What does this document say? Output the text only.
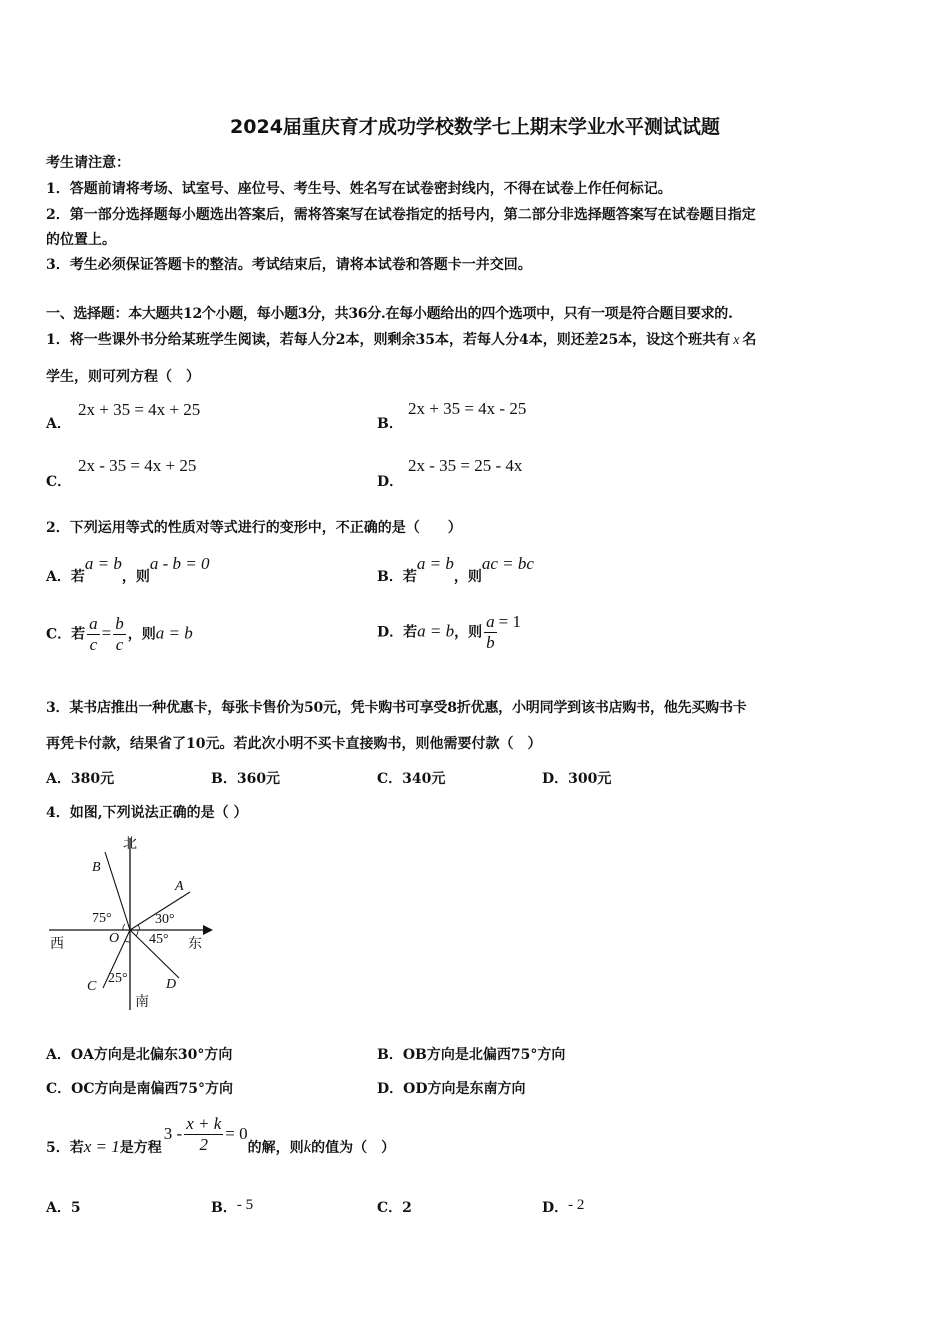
2024届重庆育才成功学校数学七上期末学业水平测试试题
考生请注意：
1．答题前请将考场、试室号、座位号、考生号、姓名写在试卷密封线内，不得在试卷上作任何标记。
2．第一部分选择题每小题选出答案后，需将答案写在试卷指定的括号内，第二部分非选择题答案写在试卷题目指定
的位置上。
3．考生必须保证答题卡的整洁。考试结束后，请将本试卷和答题卡一并交回。
一、选择题：本大题共12个小题，每小题3分，共36分.在每小题给出的四个选项中，只有一项是符合题目要求的.
1．将一些课外书分给某班学生阅读，若每人分2本，则剩余35本，若每人分4本，则还差25本，设这个班共有 x 名
学生，则可列方程（　）
A．
2x + 35 = 4x + 25
B．
2x + 35 = 4x - 25
C．
2x - 35 = 4x + 25
D．
2x - 35 = 25 - 4x
2．下列运用等式的性质对等式进行的变形中，不正确的是（　　）
A．若a = b，则a - b = 0
B．若a = b，则ac = bc
C．若 $\frac{a}{c} = \frac{b}{c}$ ，则a = b	D．若a = b，则 $\frac{a}{b} = 1$
3．某书店推出一种优惠卡，每张卡售价为50元，凭卡购书可享受8折优惠，小明同学到该书店购书，他先买购书卡
再凭卡付款，结果省了10元。若此次小明不买卡直接购书，则他需要付款（　）
A．380元	B．360元	C．340元	D．300元
4．如图,下列说法正确的是（ ）
北
南
东
西	O
A
B
C	D
75°	30°
45°
25°
A．OA方向是北偏东30°方向	B．OB方向是北偏西75°方向
C．OC方向是南偏西75°方向	D．OD方向是东南方向
5．若x = 1是方程$3 - \frac{x + k}{2} = 0$的解，则k的值为（　）
A．5	B．- 5	C．2	D．- 2
